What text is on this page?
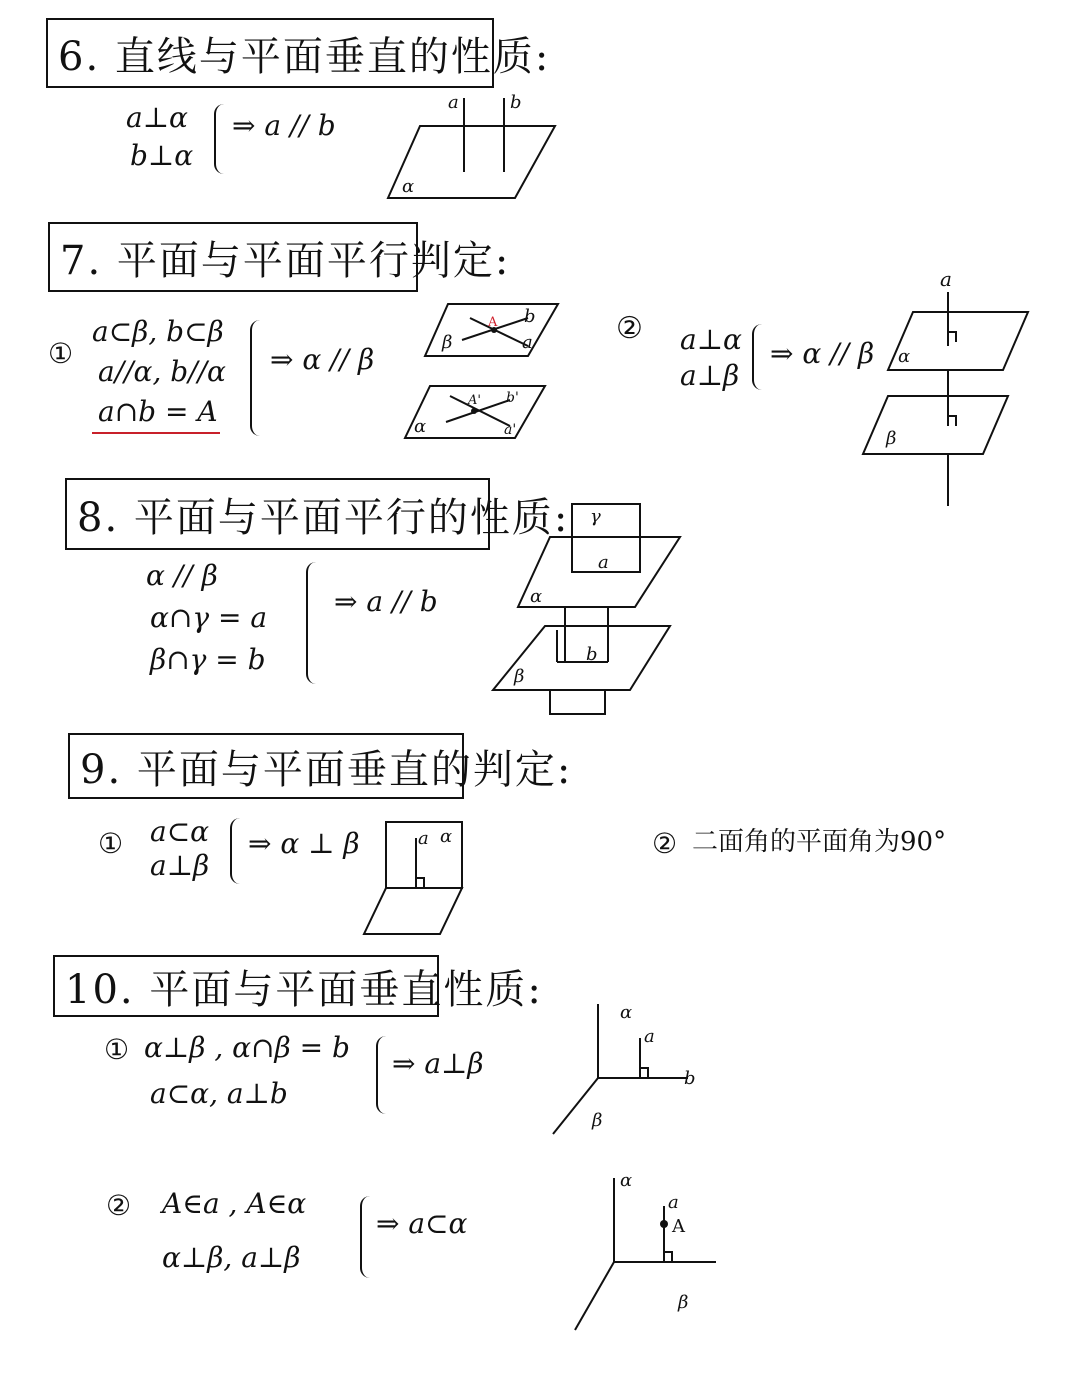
6. 直线与平面垂直的性质:
a⊥α
b⊥α
⇒ a // b
a	b
α
7. 平面与平面平行判定:
①
a⊂β, b⊂β
a//α, b//α
a∩b = A
⇒ α // β
β
A b
a
α
A' b'
a'
② a⊥α
a⊥β
⇒ α // β
a
α
β
8. 平面与平面平行的性质:
α // β
α∩γ = a
β∩γ = b
⇒ a // b
γ
a
α
b
β
9. 平面与平面垂直的判定:
① a⊂α
a⊥β
⇒ α ⊥ β	a α	② 二面角的平面角为90°
10. 平面与平面垂直性质:
① α⊥β , α∩β = b
a⊂α, a⊥b
⇒ a⊥β
α
a
b
β
② A∈a , A∈α
α⊥β, a⊥β
⇒ a⊂α
α
a
A
β
